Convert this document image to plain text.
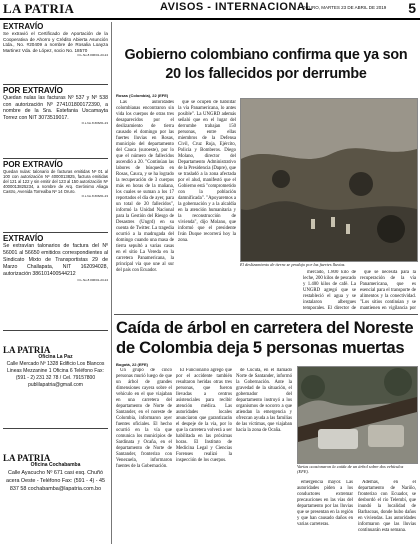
LA PATRIA	AVISOS - INTERNACIONAL
ORURO, MARTES 23 DE ABRIL DE 2019 5
EXTRAVÍO
Se extravió el Certificado de Aportación de la Cooperativa de Ahorro y Crédito Abierta Asunción Ltda., No. #20409 a nombre de Rosalia Loayza Martinez Vda. de López, socio No. 18570
O.L.No.8 #06/01-23-24
POR EXTRAVÍO
Quedan nulas las facturas Nº 537 y Nº 538 con autorización Nº 274101800172390, a nombre de la Sra. Estefania Uscamayta Torrez con NIT 3073519017.
O.L.No.8 #06/01-23
POR EXTRAVÍO
Quedan nulas: talonario de facturas emitidas Nº 01 al 100 con autorización Nº 4000013825, factura emitidas del 121 al 122 y sin emitir del 123 al 150 autorización Nº 4000013825234, a nombre de Arq. Gerónimo Aliaga Castro, Avenida Torrealba Nº 14 Oruro.
O.L.No.8 #06/01-23
EXTRAVÍO
Se extravían talonarios de factura del Nº 56001 al 56650 emitidos correspondientes al Sindicato Mixto de Transportistas 29 de Marzo Challapata, NIT 162094028, autorización 386101400544212
O.L.No.8 #06/01-23-24
LA PATRIA
Oficina La Paz
Calle Mercado Nº 1328 Edificio Los Blancos Lineas Mezzanine 1 Oficina 6 Teléfono Fax: (591 - 2) 231 32 78 / Cel. 79157800 publilapatria@gmail.com
LA PATRIA
Oficina Cochabamba
Calle Ayacucho Nº 671 casi esq. Chuñó acera Oeste - Teléfono Fax: (591 - 4) - 45 837 58 cochabamba@lapatria.com.bo
Gobierno colombiano confirma que ya son 20 los fallecidos por derrumbe
Rosas (Colombia), 22 (EFE)

Las autoridades colombianas encontraron sin vida los cuerpos de otras tres desaparecidos por el deslizamiento de tierra causado el domingo por las fuertes lluvias en Rosas, municipio del departamento del Cauca (suroeste), por lo que el número de fallecidos ascendió a 20. "Continúan las labores de búsqueda en Rosas, Cauca, y se ha logrado la recuperación de 3 cuerpos más en horas de la mañana, los cuales se suman a los 17 reportados el día de ayer, para un total de 20 fallecidos", informó la Unidad Nacional para la Gestión del Riesgo de Desastres (Ungrd) en su cuenta de Twitter. La tragedia ocurrió a la madrugada del domingo cuando una masa de tierra sepultó a varias casas en el sitio La Vereda en la carretera Panamericana, la principal vía que une al sur del país con Ecuador.

que se ocupen de habilitar la vía Panamericana, lo antes posible". La UNGRD además señaló que en el lugar del derrumbe trabajan 150 personas, entre ellas miembros de la Defensa Civil, Cruz Roja, Ejército, Policía y Bomberos. Diego Molano, director del Departamento Administrativo de la Presidencia (Dapre), que se trasladó a la zona afectada por el alud, manifestó que el Gobierno está "comprometido con la población damnificada". "Apoyaremos a la gobernación y a la alcaldía en la atención humanitaria y la reconstrucción de vivienda", dijo Molano, que informó que el presidente Iván Duque recorrerá hoy la zona.

El deslizamiento de tierra se produjo por las fuertes lluvias.

mercado, 1.800 kilo de leche, 200 kilos de pescado y 1.400 kilos de café. La UNGRD agregó que se restableció el agua y se instalaron albergues temporales. El director de

que se necesita para la recuperación de la vía Panamericana, que es esencial para el transporte de alimentos y la conectividad. "Los sitios continúan y se mantienen en vigilancia por

Caída de árbol en carretera del Noreste de Colombia deja 5 personas muertas
Bogotá, 22 (EFE)

Un grupo de cinco personas murió luego de que un árbol de grandes dimensiones cayera sobre el vehículo en el que viajaban en una carretera del departamento de Norte de Santander, en el noreste de Colombia, informaron ayer fuentes oficiales. El hecho ocurrió en la vía que comunica los municipios de Sardinata y Ocaña, en el departamento de Norte de Santander, fronterizo con Venezuela, informaron fuentes de la Gobernación.

El Funcionario agregó que por el accidente también resultaron heridas otras tres personas, que fueron llevadas a centros asistenciales para recibir atención médica. Las autoridades locales anunciaron que garantizarán el despeje de la vía, por lo que la carretera volverá a ser habilitada en las próximas horas. El Instituto de Medicina Legal y Ciencias Forenses realizó la inspección de los cuerpos.

de Cúcuta, en el llamado Norte de Santander, informó la Gobernación. Ante la gravedad de la situación, el gobernador del departamento instruyó a los organismos de socorro a que atiendan la emergencia y ofrezcan ayuda a las familias de las víctimas, que viajaban hacia la zona de Ocaña.

Varias ocasionaron la caída de un árbol sobre dos vehículos (EFE).

emergencia mayor. Las autoridades piden a los conductores extremar precauciones en las vías del departamento por las lluvias que se presentan en la región y que han causado daños en varias carreteras.

Además, en el departamento de Nariño, fronterizo con Ecuador, se desbordó el río Telembí, que inundó la localidad de Barbacoas, donde hubo daños en viviendas. Las autoridades informaron que las lluvias continuarán esta semana.
